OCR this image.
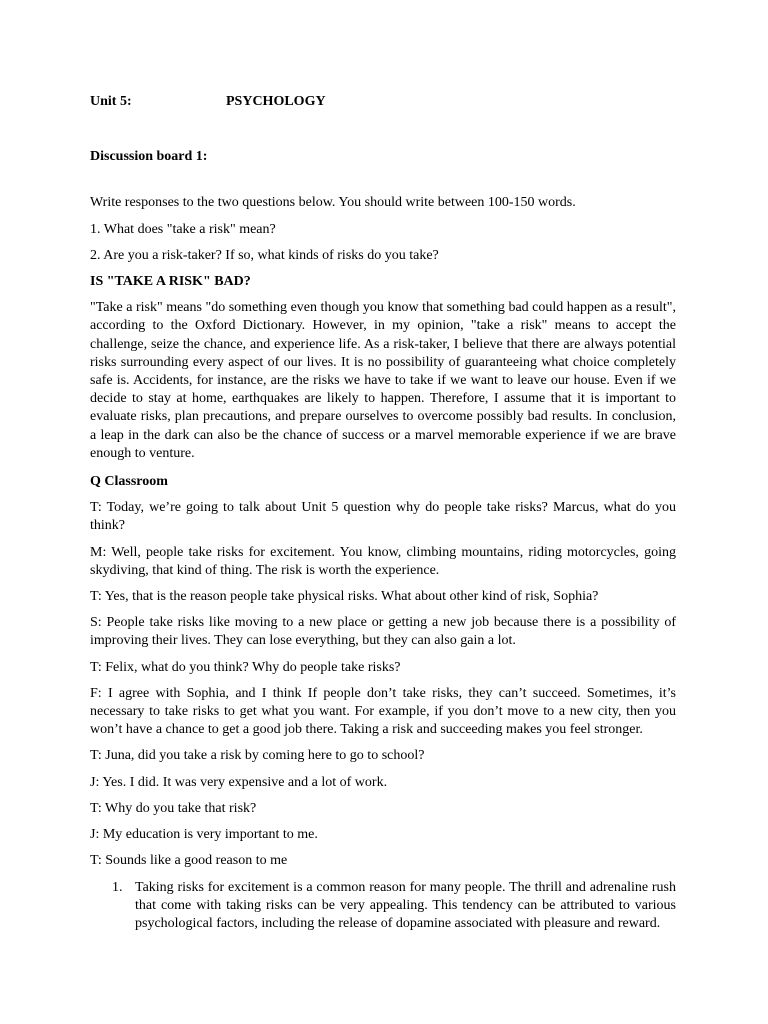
Unit 5:	PSYCHOLOGY

Discussion board 1:

Write responses to the two questions below. You should write between 100-150 words.

1. What does "take a risk" mean?

2. Are you a risk-taker? If so, what kinds of risks do you take?

IS "TAKE A RISK" BAD?

"Take a risk" means "do something even though you know that something bad could happen as a result", according to the Oxford Dictionary. However, in my opinion, "take a risk" means to accept the challenge, seize the chance, and experience life. As a risk-taker, I believe that there are always potential risks surrounding every aspect of our lives. It is no possibility of guaranteeing what choice completely safe is. Accidents, for instance, are the risks we have to take if we want to leave our house. Even if we decide to stay at home, earthquakes are likely to happen. Therefore, I assume that it is important to evaluate risks, plan precautions, and prepare ourselves to overcome possibly bad results. In conclusion, a leap in the dark can also be the chance of success or a marvel memorable experience if we are brave enough to venture.

Q Classroom

T: Today, we’re going to talk about Unit 5 question why do people take risks? Marcus, what do you think?

M: Well, people take risks for excitement. You know, climbing mountains, riding motorcycles, going skydiving, that kind of thing. The risk is worth the experience.

T: Yes, that is the reason people take physical risks. What about other kind of risk, Sophia?

S: People take risks like moving to a new place or getting a new job because there is a possibility of improving their lives. They can lose everything, but they can also gain a lot.

T: Felix, what do you think? Why do people take risks?

F: I agree with Sophia, and I think If people don’t take risks, they can’t succeed. Sometimes, it’s necessary to take risks to get what you want. For example, if you don’t move to a new city, then you won’t have a chance to get a good job there. Taking a risk and succeeding makes you feel stronger.

T: Juna, did you take a risk by coming here to go to school?

J: Yes. I did. It was very expensive and a lot of work.

T: Why do you take that risk?

J: My education is very important to me.

T: Sounds like a good reason to me

1. Taking risks for excitement is a common reason for many people. The thrill and adrenaline rush that come with taking risks can be very appealing. This tendency can be attributed to various psychological factors, including the release of dopamine associated with pleasure and reward.
